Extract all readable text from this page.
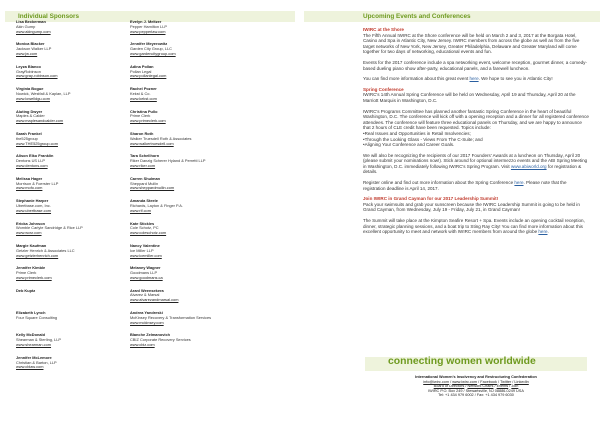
Individual Sponsors
Lisa Beckerman
Akin Gump
www.akingump.com
Monica Blacker
Jackson Walker LLP
www.jw.com
Leyza Blanco
GrayRobinson
www.gray-robinson.com
Virginia Bogue
Nowick, Westfall & Kaplan, LLP
www.lowelldgu.com
Aluting Dwyer
Maples & Calder
www.maplesandcalder.com
Sarah Frankel
the525group
www.THE525group.com
Alison Elko Franklin
Dentons US LLP
www.dentons.com
Melissa Hager
Morrison & Foerster LLP
www.mofo.com
Stephanie Harper
Ubertbase.com, Inc.
www.ubertbase.com
Ericka Johnson
Womble Carlyle Sandridge & Rice LLP
www.wcsr.com
Margie Kaufman
Getzler Henrich & Associates LLC
www.getzlerhenrich.com
Jennifer Kimble
Prime Clerk
www.primeclerk.com
Deb Kuptz
Elizabeth Lynch
Four Square Consulting
Kelly McDonald
Shearman & Sterling, LLP
www.shearman.com
Jennifer McLemore
Christian & Barton, LLP
www.cblaw.com
Evelyn J. Meltzer
Pepper Hamilton LLP
www.pepperlaw.com
Jennifer Meyerowitz
Garden City Group, LLC
www.gardencitygroup.com
Adina Pollan
Pollan Legal
www.pollanlegal.com
Rachel Pozner
Kekst & Co.
www.kekst.com
Christina Pullo
Prime Clerk
www.primeclerk.com
Sharon Roth
Walker Truesdell Roth & Associates
www.walkertruesdell.com
Tara Schellhorn
Riker Danzig Scherer Hyland & Perretti LLP
www.riker.com
Carren Shulman
Sheppard Mullin
www.sheppardmullin.com
Amanda Steele
Richards, Layton & Finger P.A.
www.rlf.com
Kate Stickles
Cole Schotz, PC
www.coleschotz.com
Nancy Valentine
Ice Miller LLP
www.icemiller.com
Melaney Wagner
Goodmans LLP
www.goodmans.ca
Aranl Weensekera
Alvarez & Marsal
www.alvarezandmarsal.com
Andrea Yandreski
McKinsey Recovery & Transformation Services
www.mckinsey.com
Blanche Zelmanovich
CBIZ Corporate Recovery Services
www.cbiz.com
Upcoming Events and Conferences
IWIRC at the Shore

The Fifth Annual IWIRC at the Shore conference will be held on March 2 and 3, 2017 at the Borgata Hotel, Casino and Spa in Atlantic City, New Jersey. IWIRC members from across the globe as well as from the five target networks of New York, New Jersey, Greater Philadelphia, Delaware and Greater Maryland will come together for two days of networking, educational events and fun.

Events for the 2017 conference include a spa networking event, welcome reception, gourmet dinner, a comedy-based dueling piano show after-party, educational panels, and a farewell luncheon.

You can find more information about this great event here. We hope to see you in Atlantic City!

Spring Conference

IWIRC's 14th Annual Spring Conference will be held on Wednesday, April 19 and Thursday, April 20 at the Marriott Marquis in Washington, D.C.

IWIRC's Programs Committee has planned another fantastic Spring Conference in the heart of beautiful Washington, D.C. The conference will kick off with a opening reception and a dinner for all registered conference attendees. The conference will feature three educational panels on Thursday, and we are happy to announce that 2 hours of CLE credit have been requested. Topics include:

• Real Issues and Opportunities in Retail Insolvencies;
• Through the Looking Glass - Views From The C-Suite; and
• Aligning Your Conference and Career Goals.

We will also be recognizing the recipients of our 2017 Founders' Awards at a luncheon on Thursday, April 20 (please submit your nominations now!). Stick around for optional intermezzo events and the ABI Spring Meeting in Washington, D.C. immediately following IWIRC's Spring Program. Visit www.abiworld.org for registration & details.

Register online and find out more information about the Spring Conference here. Please note that the registration deadline is April 14, 2017.

Join IWIRC in Grand Cayman for our 2017 Leadership Summit!

Pack your swimsuits and grab your sunscreen because the IWIRC Leadership Summit is going to be held in Grand Cayman, from Wednesday, July 19 - Friday, July 21, in Grand Cayman!

The Summit will take place at the Kimpton Seafire Resort + Spa. Events include an opening cocktail reception, dinner, strategic planning sessions, and a boat trip to Sting Ray City! You can find more information about this excellent opportunity to meet and network with IWIRC members from around the globe here.

connecting women worldwide
International Women's Insolvency and Restructuring Confederation
info@iwirc.com / www.iwirc.com / Facebook / Twitter / LinkedIn
Board of Directors / Network Chairs / Events / Join
IWIRC P.O. Box 249 / Stewartsville, NJ 08886-0249 USA
Tel: +1 434 979 6002 / Fax: +1 434 979 6030
